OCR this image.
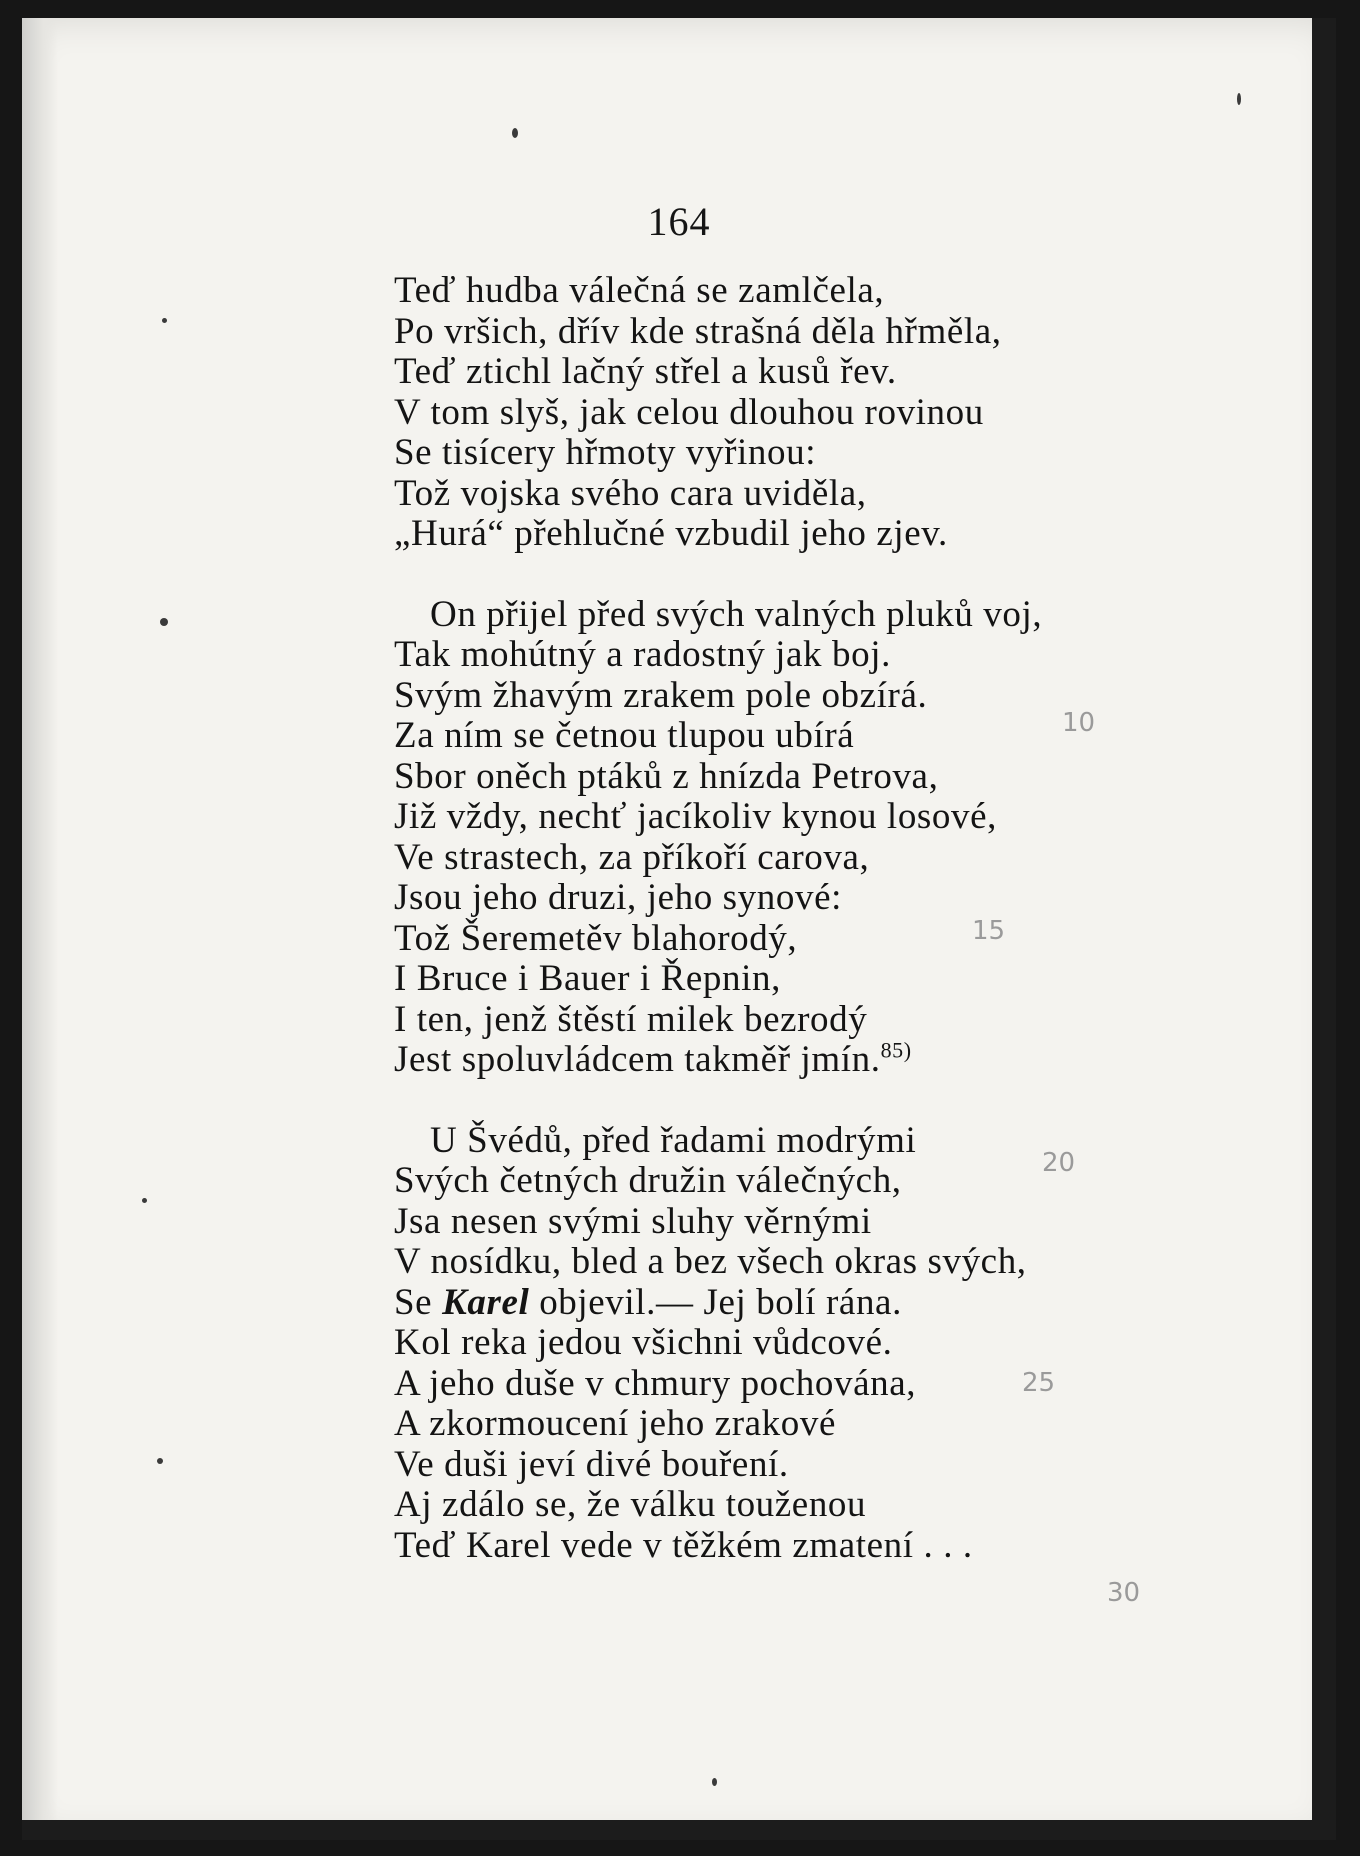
164
Teď hudba válečná se zamlčela,
Po vršich, dřív kde strašná děla hřměla,
Teď ztichl lačný střel a kusů řev.
V tom slyš, jak celou dlouhou rovinou
Se tisícery hřmoty vyřinou:
Tož vojska svého cara uviděla,
„Hurá“ přehlučné vzbudil jeho zjev.
On přijel před svých valných pluků voj,
Tak mohútný a radostný jak boj.
Svým žhavým zrakem pole obzírá.
Za ním se četnou tlupou ubírá
Sbor oněch ptáků z hnízda Petrova,
Již vždy, nechť jacíkoliv kynou losové,
Ve strastech, za příkoří carova,
Jsou jeho druzi, jeho synové:
Tož Šeremetěv blahorodý,
I Bruce i Bauer i Řepnin,
I ten, jenž štěstí milek bezrodý
Jest spoluvládcem takměř jmín.$^{85)}$
U Švédů, před řadami modrými
Svých četných družin válečných,
Jsa nesen svými sluhy věrnými
V nosídku, bled a bez všech okras svých,
Se Karel objevil.— Jej bolí rána.
Kol reka jedou všichni vůdcové.
A jeho duše v chmury pochována,
A zkormoucení jeho zrakové
Ve duši jeví divé bouření.
Aj zdálo se, že válku touženou
Teď Karel vede v těžkém zmatení . . .
10
15
20
25
30
